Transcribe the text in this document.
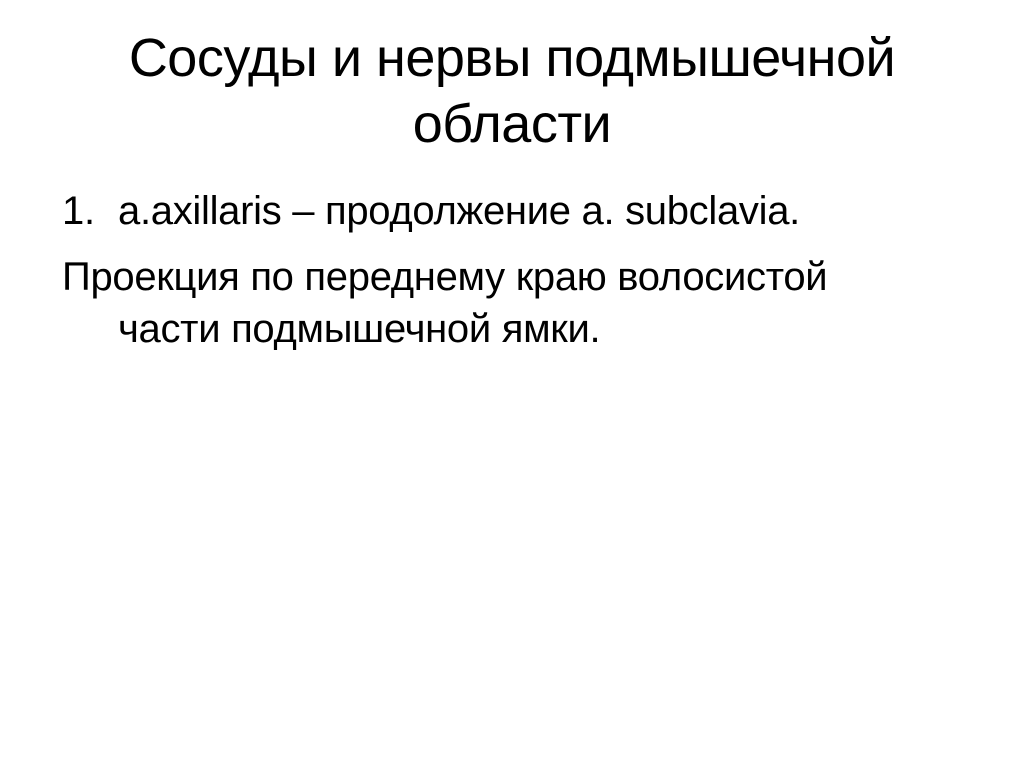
Сосуды и нервы подмышечной
области
1. a.axillaris – продолжение a. subclavia.
Проекция по переднему краю волосистой
части подмышечной ямки.
